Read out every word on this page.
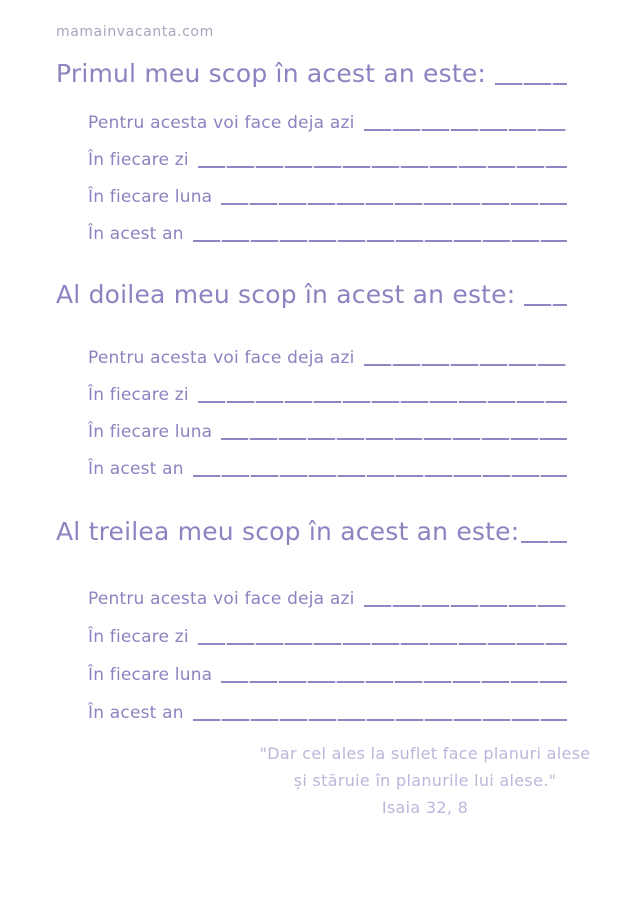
mamainvacanta.com
Primul meu scop în acest an este:
Pentru acesta voi face deja azi
În fiecare zi
În fiecare luna
În acest an
Al doilea meu scop în acest an este:
Pentru acesta voi face deja azi
În fiecare zi
În fiecare luna
În acest an
Al treilea meu scop în acest an este:
Pentru acesta voi face deja azi
În fiecare zi
În fiecare luna
În acest an
"Dar cel ales la suflet face planuri alese
și stăruie în planurile lui alese."
Isaia 32, 8
